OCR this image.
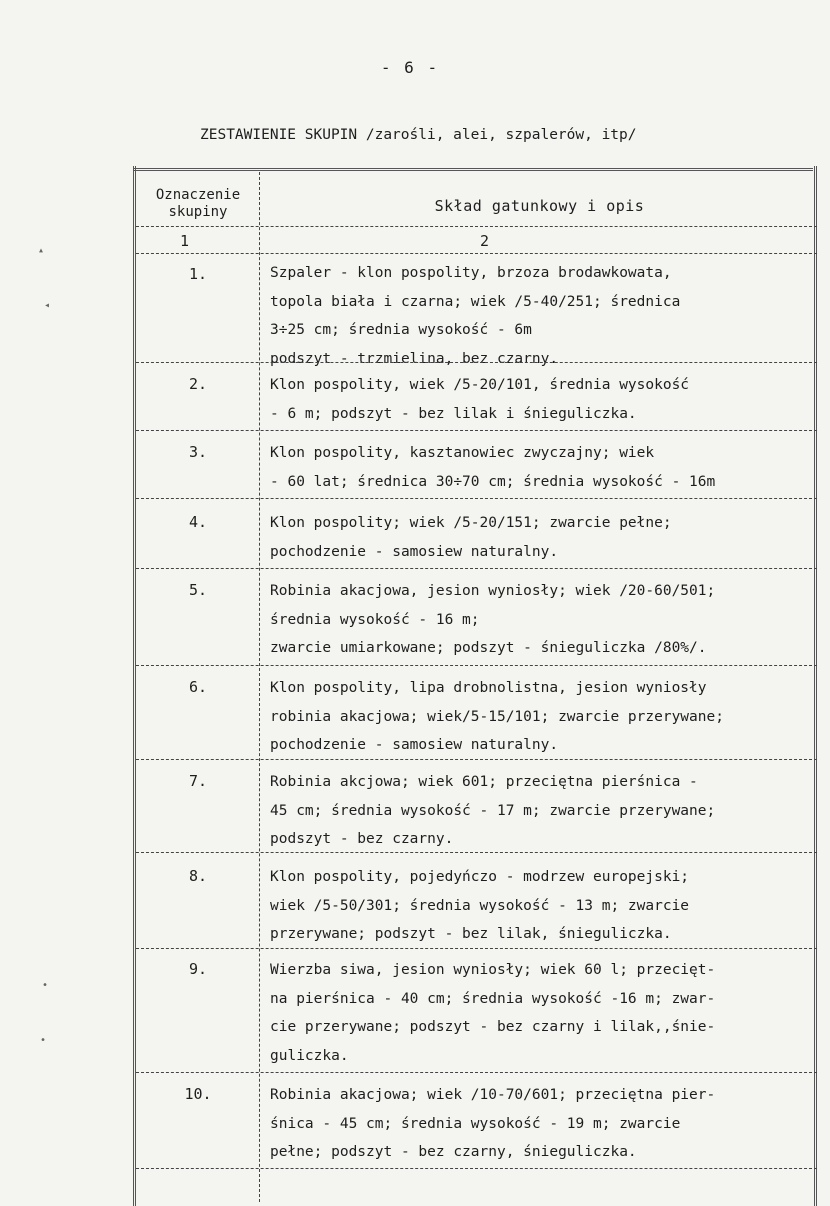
- 6 -
ZESTAWIENIE SKUPIN /zarośli, alei, szpalerów, itp/
Oznaczenie
skupiny	Skład gatunkowy i opis
1	2
1.	Szpaler - klon pospolity, brzoza brodawkowata,
topola biała i czarna; wiek /5-40/251; średnica
3÷25 cm; średnia wysokość - 6m
podszyt - trzmielina, bez czarny.
2.	Klon pospolity, wiek /5-20/101, średnia wysokość
- 6 m; podszyt - bez lilak i śnieguliczka.
3.	Klon pospolity, kasztanowiec zwyczajny; wiek
- 60 lat; średnica 30÷70 cm; średnia wysokość - 16m
4.	Klon pospolity; wiek /5-20/151; zwarcie pełne;
pochodzenie - samosiew naturalny.
5.	Robinia akacjowa, jesion wyniosły; wiek /20-60/501;
średnia wysokość - 16 m;
zwarcie umiarkowane; podszyt - śnieguliczka /80%/.
6.	Klon pospolity, lipa drobnolistna, jesion wyniosły
robinia akacjowa; wiek/5-15/101; zwarcie przerywane;
pochodzenie - samosiew naturalny.
7.	Robinia akcjowa; wiek 601; przeciętna pierśnica -
45 cm; średnia wysokość - 17 m; zwarcie przerywane;
podszyt - bez czarny.
8.	Klon pospolity, pojedyńczo - modrzew europejski;
wiek /5-50/301; średnia wysokość - 13 m; zwarcie
przerywane; podszyt - bez lilak, śnieguliczka.
9.	Wierzba siwa, jesion wyniosły; wiek 60 l; przecięt-
na pierśnica - 40 cm; średnia wysokość -16 m; zwar-
cie przerywane; podszyt - bez czarny i lilak,,śnie-
guliczka.
10.	Robinia akacjowa; wiek /10-70/601; przeciętna pier-
śnica - 45 cm; średnia wysokość - 19 m; zwarcie
pełne; podszyt - bez czarny, śnieguliczka.
▴
◂
•
•
